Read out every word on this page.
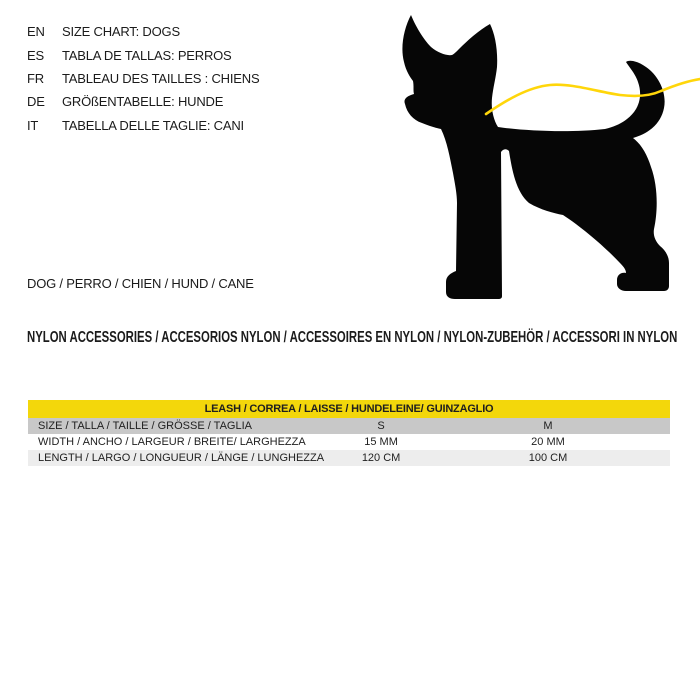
EN	SIZE CHART: DOGS
ES	TABLA DE TALLAS: PERROS
FR	TABLEAU DES TAILLES : CHIENS
DE	GRÖßENTABELLE: HUNDE
IT	TABELLA DELLE TAGLIE: CANI
DOG / PERRO / CHIEN / HUND / CANE
NYLON ACCESSORIES / ACCESORIOS NYLON / ACCESSOIRES EN NYLON / NYLON-ZUBEHÖR / ACCESSORI IN NYLON
LEASH / CORREA / LAISSE / HUNDELEINE/ GUINZAGLIO
SIZE / TALLA / TAILLE / GRÖSSE / TAGLIA	S	M
WIDTH / ANCHO / LARGEUR / BREITE/ LARGHEZZA	15 MM	20 MM
LENGTH / LARGO / LONGUEUR / LÄNGE / LUNGHEZZA	120 CM	100 CM
